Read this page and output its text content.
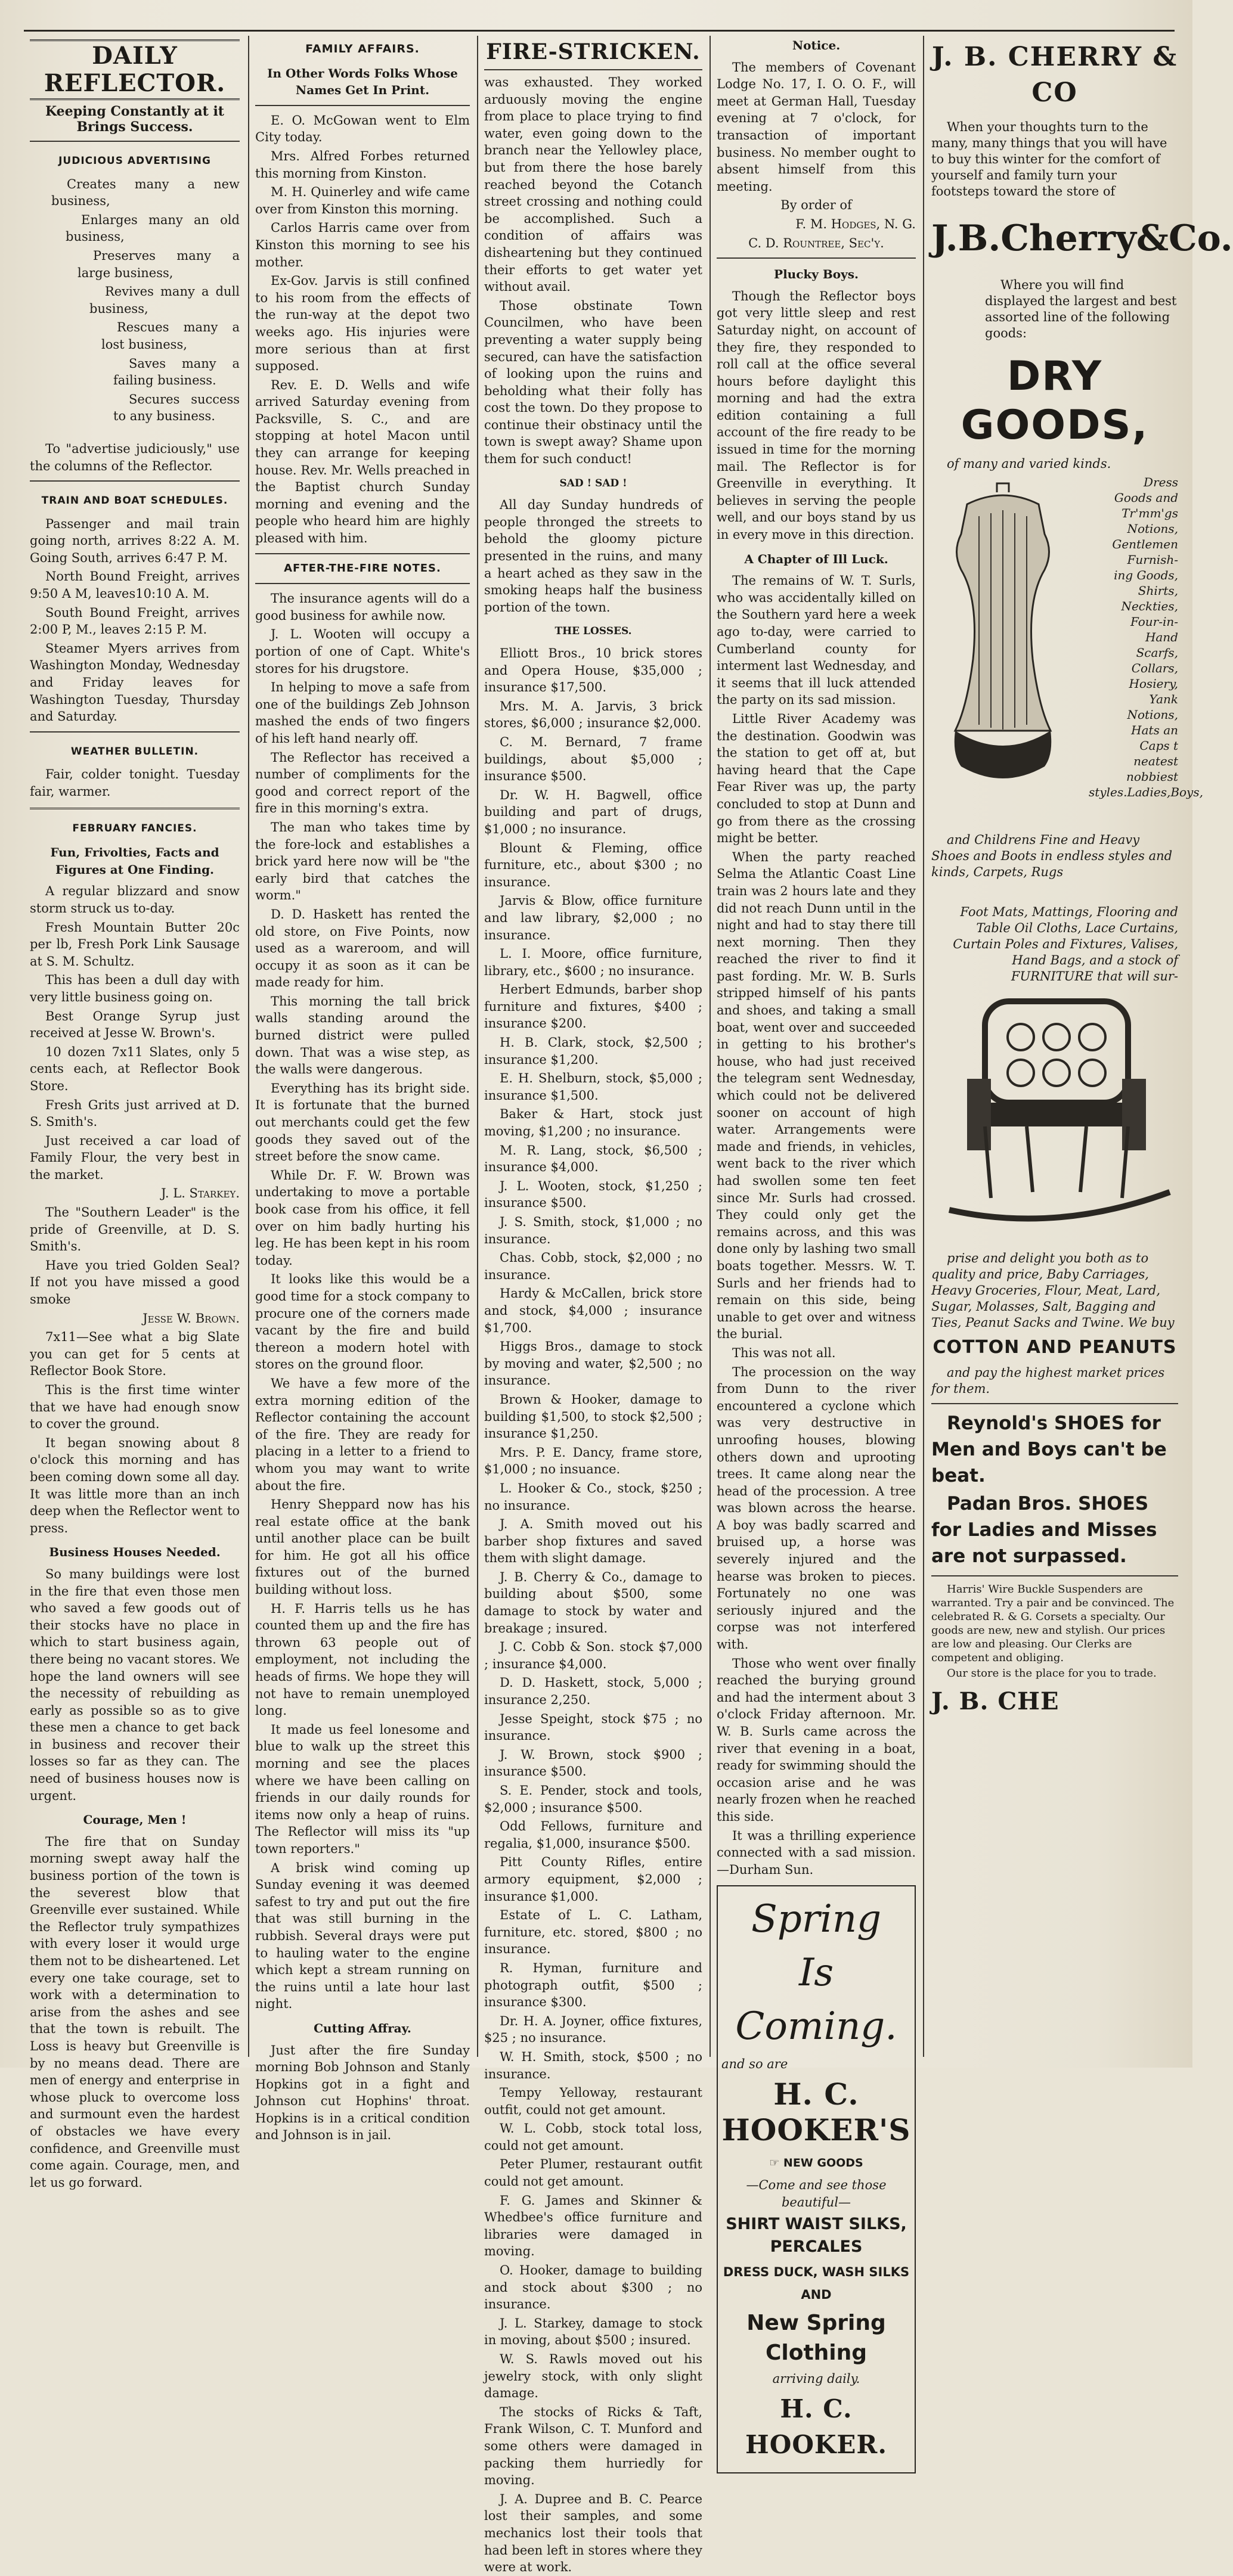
DAILY REFLECTOR.
Keeping Constantly at it Brings Success.
JUDICIOUS ADVERTISING

Creates many a new business,

Enlarges many an old business,

Preserves many a large business,

Revives many a dull business,

Rescues many a lost business,

Saves many a failing business.

Secures success to any business.

To "advertise judiciously," use the columns of the Reflector.

TRAIN AND BOAT SCHEDULES.

Passenger and mail train going north, arrives 8:22 A. M. Going South, arrives 6:47 P. M.

North Bound Freight, arrives 9:50 A M, leaves10:10 A. M.

South Bound Freight, arrives 2:00 P, M., leaves 2:15 P. M.

Steamer Myers arrives from Washington Monday, Wednesday and Friday leaves for Washington Tuesday, Thursday and Saturday.

WEATHER BULLETIN.

Fair, colder tonight. Tuesday fair, warmer.

FEBRUARY FANCIES.
Fun, Frivolties, Facts and Figures at One Finding.

A regular blizzard and snow storm struck us to-day.

Fresh Mountain Butter 20c per lb, Fresh Pork Link Sausage at S. M. Schultz.

This has been a dull day with very little business going on.

Best Orange Syrup just received at Jesse W. Brown's.

10 dozen 7x11 Slates, only 5 cents each, at Reflector Book Store.

Fresh Grits just arrived at D. S. Smith's.

Just received a car load of Family Flour, the very best in the market.

J. L. Starkey.

The "Southern Leader" is the pride of Greenville, at D. S. Smith's.

Have you tried Golden Seal? If not you have missed a good smoke

Jesse W. Brown.

7x11—See what a big Slate you can get for 5 cents at Reflector Book Store.

This is the first time winter that we have had enough snow to cover the ground.

It began snowing about 8 o'clock this morning and has been coming down some all day. It was little more than an inch deep when the Reflector went to press.

Business Houses Needed.

So many buildings were lost in the fire that even those men who saved a few goods out of their stocks have no place in which to start business again, there being no vacant stores. We hope the land owners will see the necessity of rebuilding as early as possible so as to give these men a chance to get back in business and recover their losses so far as they can. The need of business houses now is urgent.

Courage, Men !

The fire that on Sunday morning swept away half the business portion of the town is the severest blow that Greenville ever sustained. While the Reflector truly sympathizes with every loser it would urge them not to be disheartened. Let every one take courage, set to work with a determination to arise from the ashes and see that the town is rebuilt. The Loss is heavy but Greenville is by no means dead. There are men of energy and enterprise in whose pluck to overcome loss and surmount even the hardest of obstacles we have every confidence, and Greenville must come again. Courage, men, and let us go forward.

FAMILY AFFAIRS.
In Other Words Folks Whose Names Get In Print.

E. O. McGowan went to Elm City today.

Mrs. Alfred Forbes returned this morning from Kinston.

M. H. Quinerley and wife came over from Kinston this morning.

Carlos Harris came over from Kinston this morning to see his mother.

Ex-Gov. Jarvis is still confined to his room from the effects of the run-way at the depot two weeks ago. His injuries were more serious than at first supposed.

Rev. E. D. Wells and wife arrived Saturday evening from Packsville, S. C., and are stopping at hotel Macon until they can arrange for keeping house. Rev. Mr. Wells preached in the Baptist church Sunday morning and evening and the people who heard him are highly pleased with him.

AFTER-THE-FIRE NOTES.

The insurance agents will do a good business for awhile now.

J. L. Wooten will occupy a portion of one of Capt. White's stores for his drugstore.

In helping to move a safe from one of the buildings Zeb Johnson mashed the ends of two fingers of his left hand nearly off.

The Reflector has received a number of compliments for the good and correct report of the fire in this morning's extra.

The man who takes time by the fore-lock and establishes a brick yard here now will be "the early bird that catches the worm."

D. D. Haskett has rented the old store, on Five Points, now used as a wareroom, and will occupy it as soon as it can be made ready for him.

This morning the tall brick walls standing around the burned district were pulled down. That was a wise step, as the walls were dangerous.

Everything has its bright side. It is fortunate that the burned out merchants could get the few goods they saved out of the street before the snow came.

While Dr. F. W. Brown was undertaking to move a portable book case from his office, it fell over on him badly hurting his leg. He has been kept in his room today.

It looks like this would be a good time for a stock company to procure one of the corners made vacant by the fire and build thereon a modern hotel with stores on the ground floor.

We have a few more of the extra morning edition of the Reflector containing the account of the fire. They are ready for placing in a letter to a friend to whom you may want to write about the fire.

Henry Sheppard now has his real estate office at the bank until another place can be built for him. He got all his office fixtures out of the burned building without loss.

H. F. Harris tells us he has counted them up and the fire has thrown 63 people out of employment, not including the heads of firms. We hope they will not have to remain unemployed long.

It made us feel lonesome and blue to walk up the street this morning and see the places where we have been calling on friends in our daily rounds for items now only a heap of ruins. The Reflector will miss its "up town reporters."

A brisk wind coming up Sunday evening it was deemed safest to try and put out the fire that was still burning in the rubbish. Several drays were put to hauling water to the engine which kept a stream running on the ruins until a late hour last night.

Cutting Affray.

Just after the fire Sunday morning Bob Johnson and Stanly Hopkins got in a fight and Johnson cut Hophins' throat. Hopkins is in a critical condition and Johnson is in jail.

FIRE-STRICKEN.

was exhausted. They worked arduously moving the engine from place to place trying to find water, even going down to the branch near the Yellowley place, but from there the hose barely reached beyond the Cotanch street crossing and nothing could be accomplished. Such a condition of affairs was disheartening but they continued their efforts to get water yet without avail.

Those obstinate Town Councilmen, who have been preventing a water supply being secured, can have the satisfaction of looking upon the ruins and beholding what their folly has cost the town. Do they propose to continue their obstinacy until the town is swept away? Shame upon them for such conduct!

SAD ! SAD !

All day Sunday hundreds of people thronged the streets to behold the gloomy picture presented in the ruins, and many a heart ached as they saw in the smoking heaps half the business portion of the town.

THE LOSSES.

Elliott Bros., 10 brick stores and Opera House, $35,000 ; insurance $17,500.

Mrs. M. A. Jarvis, 3 brick stores, $6,000 ; insurance $2,000.

C. M. Bernard, 7 frame buildings, about $5,000 ; insurance $500.

Dr. W. H. Bagwell, office building and part of drugs, $1,000 ; no insurance.

Blount & Fleming, office furniture, etc., about $300 ; no insurance.

Jarvis & Blow, office furniture and law library, $2,000 ; no insurance.

L. I. Moore, office furniture, library, etc., $600 ; no insurance.

Herbert Edmunds, barber shop furniture and fixtures, $400 ; insurance $200.

H. B. Clark, stock, $2,500 ; insurance $1,200.

E. H. Shelburn, stock, $5,000 ; insurance $1,500.

Baker & Hart, stock just moving, $1,200 ; no insurance.

M. R. Lang, stock, $6,500 ; insurance $4,000.

J. L. Wooten, stock, $1,250 ; insurance $500.

J. S. Smith, stock, $1,000 ; no insurance.

Chas. Cobb, stock, $2,000 ; no insurance.

Hardy & McCallen, brick store and stock, $4,000 ; insurance $1,700.

Higgs Bros., damage to stock by moving and water, $2,500 ; no insurance.

Brown & Hooker, damage to building $1,500, to stock $2,500 ; insurance $1,250.

Mrs. P. E. Dancy, frame store, $1,000 ; no insuance.

L. Hooker & Co., stock, $250 ; no insurance.

J. A. Smith moved out his barber shop fixtures and saved them with slight damage.

J. B. Cherry & Co., damage to building about $500, some damage to stock by water and breakage ; insured.

J. C. Cobb & Son. stock $7,000 ; insurance $4,000.

D. D. Haskett, stock, 5,000 ; insurance 2,250.

Jesse Speight, stock $75 ; no insurance.

J. W. Brown, stock $900 ; insurance $500.

S. E. Pender, stock and tools, $2,000 ; insurance $500.

Odd Fellows, furniture and regalia, $1,000, insurance $500.

Pitt County Rifles, entire armory equipment, $2,000 ; insurance $1,000.

Estate of L. C. Latham, furniture, etc. stored, $800 ; no insurance.

R. Hyman, furniture and photograph outfit, $500 ; insurance $300.

Dr. H. A. Joyner, office fixtures, $25 ; no insurance.

W. H. Smith, stock, $500 ; no insurance.

Tempy Yelloway, restaurant outfit, could not get amount.

W. L. Cobb, stock total loss, could not get amount.

Peter Plumer, restaurant outfit could not get amount.

F. G. James and Skinner & Whedbee's office furniture and libraries were damaged in moving.

O. Hooker, damage to building and stock about $300 ; no insurance.

J. L. Starkey, damage to stock in moving, about $500 ; insured.

W. S. Rawls moved out his jewelry stock, with only slight damage.

The stocks of Ricks & Taft, Frank Wilson, C. T. Munford and some others were damaged in packing them hurriedly for moving.

J. A. Dupree and B. C. Pearce lost their samples, and some mechanics lost their tools that had been left in stores where they were at work.

Notice.

The members of Covenant Lodge No. 17, I. O. O. F., will meet at German Hall, Tuesday evening at 7 o'clock, for transaction of important business. No member ought to absent himself from this meeting.

By order of

F. M. Hodges, N. G.

C. D. Rountree, Sec'y.

Plucky Boys.

Though the Reflector boys got very little sleep and rest Saturday night, on account of they fire, they responded to roll call at the office several hours before daylight this morning and had the extra edition containing a full account of the fire ready to be issued in time for the morning mail. The Reflector is for Greenville in everything. It believes in serving the people well, and our boys stand by us in every move in this direction.

A Chapter of Ill Luck.

The remains of W. T. Surls, who was accidentally killed on the Southern yard here a week ago to-day, were carried to Cumberland county for interment last Wednesday, and it seems that ill luck attended the party on its sad mission.

Little River Academy was the destination. Goodwin was the station to get off at, but having heard that the Cape Fear River was up, the party concluded to stop at Dunn and go from there as the crossing might be better.

When the party reached Selma the Atlantic Coast Line train was 2 hours late and they did not reach Dunn until in the night and had to stay there till next morning. Then they reached the river to find it past fording. Mr. W. B. Surls stripped himself of his pants and shoes, and taking a small boat, went over and succeeded in getting to his brother's house, who had just received the telegram sent Wednesday, which could not be delivered sooner on account of high water. Arrangements were made and friends, in vehicles, went back to the river which had swollen some ten feet since Mr. Surls had crossed. They could only get the remains across, and this was done only by lashing two small boats together. Messrs. W. T. Surls and her friends had to remain on this side, being unable to get over and witness the burial.

This was not all.

The procession on the way from Dunn to the river encountered a cyclone which was very destructive in unroofing houses, blowing others down and uprooting trees. It came along near the head of the procession. A tree was blown across the hearse. A boy was badly scarred and bruised up, a horse was severely injured and the hearse was broken to pieces. Fortunately no one was seriously injured and the corpse was not interfered with.

Those who went over finally reached the burying ground and had the interment about 3 o'clock Friday afternoon. Mr. W. B. Surls came across the river that evening in a boat, ready for swimming should the occasion arise and he was nearly frozen when he reached this side.

It was a thrilling experience connected with a sad mission.—Durham Sun.

Spring
Is
Coming.
and so are
H. C. HOOKER'S
☞ NEW GOODS
—Come and see those beautiful—
SHIRT WAIST SILKS, PERCALES
DRESS DUCK, WASH SILKS AND
New Spring Clothing
arriving daily.
H. C. HOOKER.
J. B. CHERRY & CO

When your thoughts turn to the many, many things that you will have to buy this winter for the comfort of yourself and family turn your footsteps toward the store of

J.B.Cherry&Co.

Where you will find displayed the largest and best assorted line of the following goods:

DRY GOODS,

of many and varied kinds.

Dress
Goods and
Tr'mm'gs
Notions,
Gentlemen
Furnish-
ing Goods,
Shirts,
Neckties,
Four-in-
Hand
Scarfs,
Collars,
Hosiery,
Yank
Notions,
Hats an
Caps t
neatest
nobbiest
styles.Ladies,Boys,

and Childrens Fine and Heavy Shoes and Boots in endless styles and kinds, Carpets, Rugs

Foot Mats, Mattings, Flooring and Table Oil Cloths, Lace Curtains, Curtain Poles and Fixtures, Valises, Hand Bags, and a stock of FURNITURE that will sur-

prise and delight you both as to quality and price, Baby Carriages, Heavy Groceries, Flour, Meat, Lard, Sugar, Molasses, Salt, Bagging and Ties, Peanut Sacks and Twine. We buy

COTTON AND PEANUTS

and pay the highest market prices for them.

Reynold's SHOES for Men and Boys can't be beat.

Padan Bros. SHOES for Ladies and Misses are not surpassed.

Harris' Wire Buckle Suspenders are warranted. Try a pair and be convinced. The celebrated R. & G. Corsets a specialty. Our goods are new, new and stylish. Our prices are low and pleasing. Our Clerks are competent and obliging.

Our store is the place for you to trade.

J. B. CHE
